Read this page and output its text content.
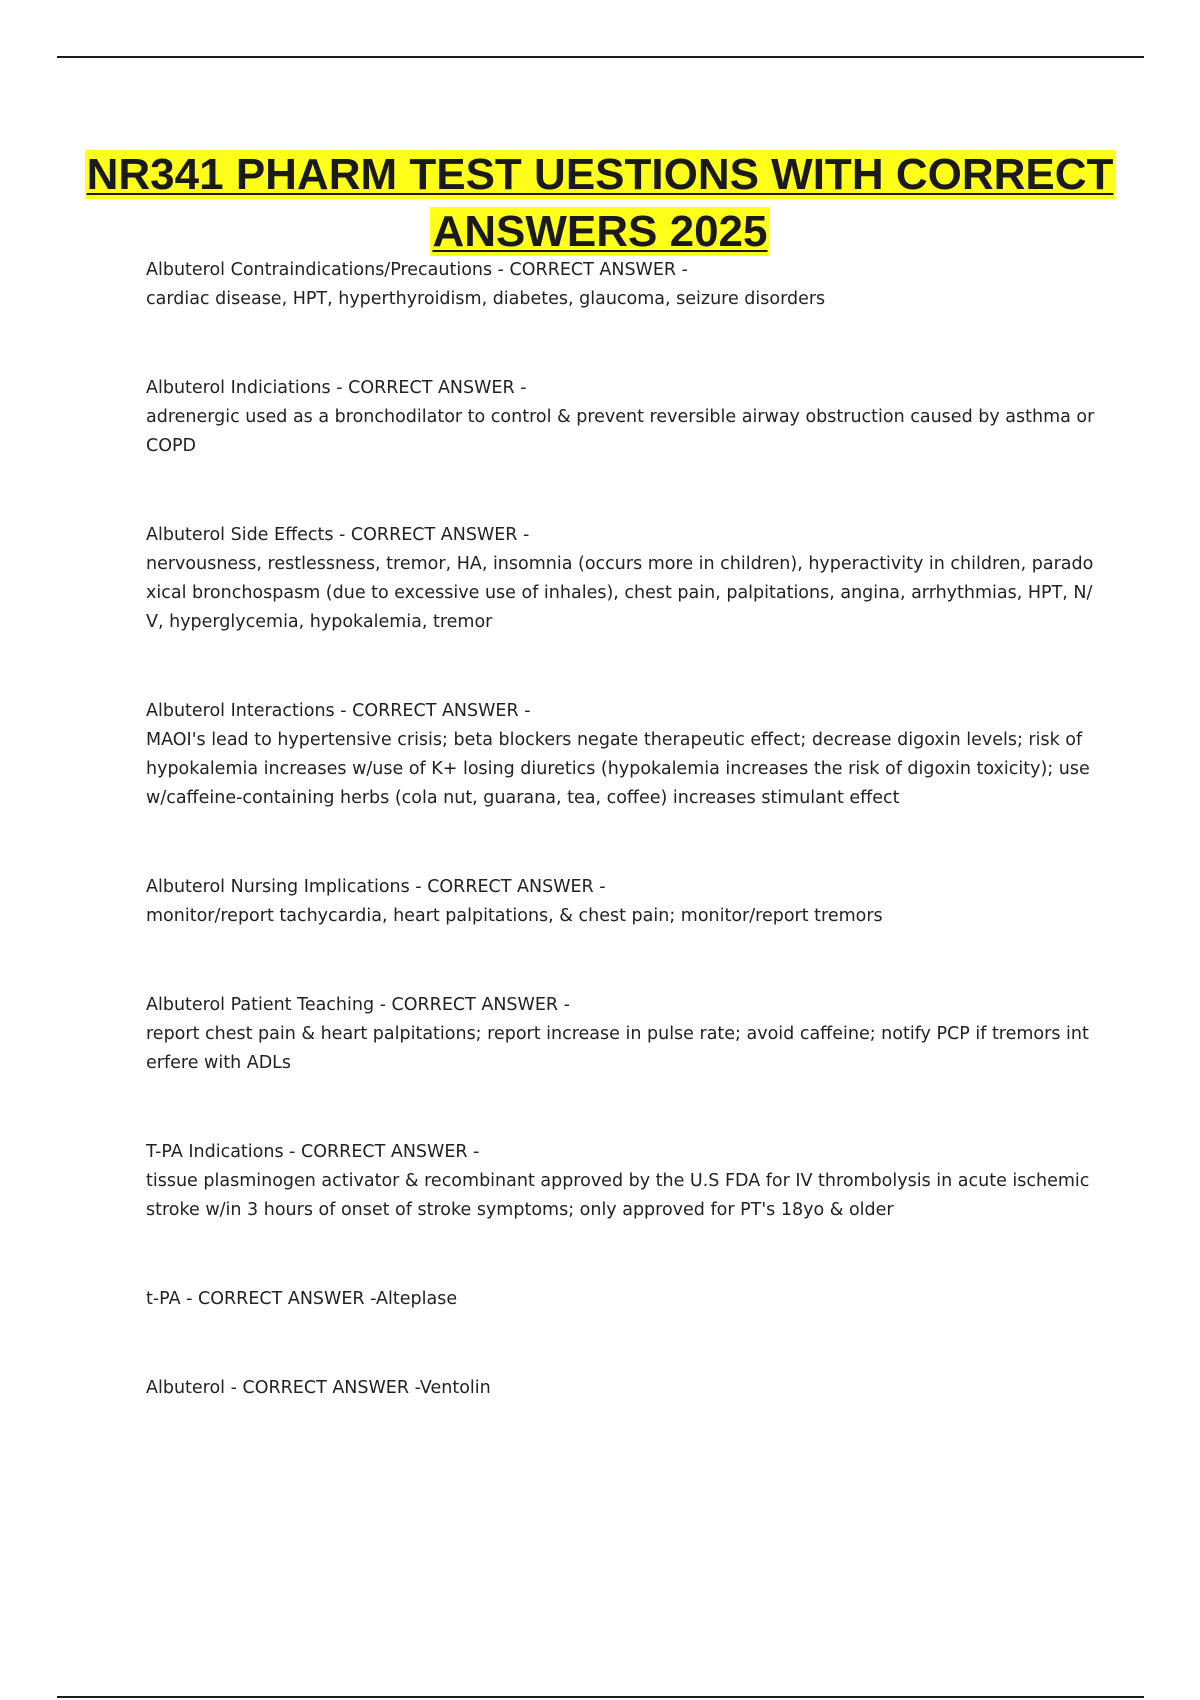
NR341 PHARM TEST UESTIONS WITH CORRECT ANSWERS 2025
Albuterol Contraindications/Precautions - CORRECT ANSWER -
cardiac disease, HPT, hyperthyroidism, diabetes, glaucoma, seizure disorders
Albuterol Indiciations - CORRECT ANSWER -
adrenergic used as a bronchodilator to control & prevent reversible airway obstruction caused by asthma or COPD
Albuterol Side Effects - CORRECT ANSWER -
nervousness, restlessness, tremor, HA, insomnia (occurs more in children), hyperactivity in children, paradoxical bronchospasm (due to excessive use of inhales), chest pain, palpitations, angina, arrhythmias, HPT, N/V, hyperglycemia, hypokalemia, tremor
Albuterol Interactions - CORRECT ANSWER -
MAOI's lead to hypertensive crisis; beta blockers negate therapeutic effect; decrease digoxin levels; risk of hypokalemia increases w/use of K+ losing diuretics (hypokalemia increases the risk of digoxin toxicity); use w/caffeine-containing herbs (cola nut, guarana, tea, coffee) increases stimulant effect
Albuterol Nursing Implications - CORRECT ANSWER -
monitor/report tachycardia, heart palpitations, & chest pain; monitor/report tremors
Albuterol Patient Teaching - CORRECT ANSWER -
report chest pain & heart palpitations; report increase in pulse rate; avoid caffeine; notify PCP if tremors interfere with ADLs
T-PA Indications - CORRECT ANSWER -
tissue plasminogen activator & recombinant approved by the U.S FDA for IV thrombolysis in acute ischemic stroke w/in 3 hours of onset of stroke symptoms; only approved for PT's 18yo & older
t-PA - CORRECT ANSWER -Alteplase
Albuterol - CORRECT ANSWER -Ventolin
